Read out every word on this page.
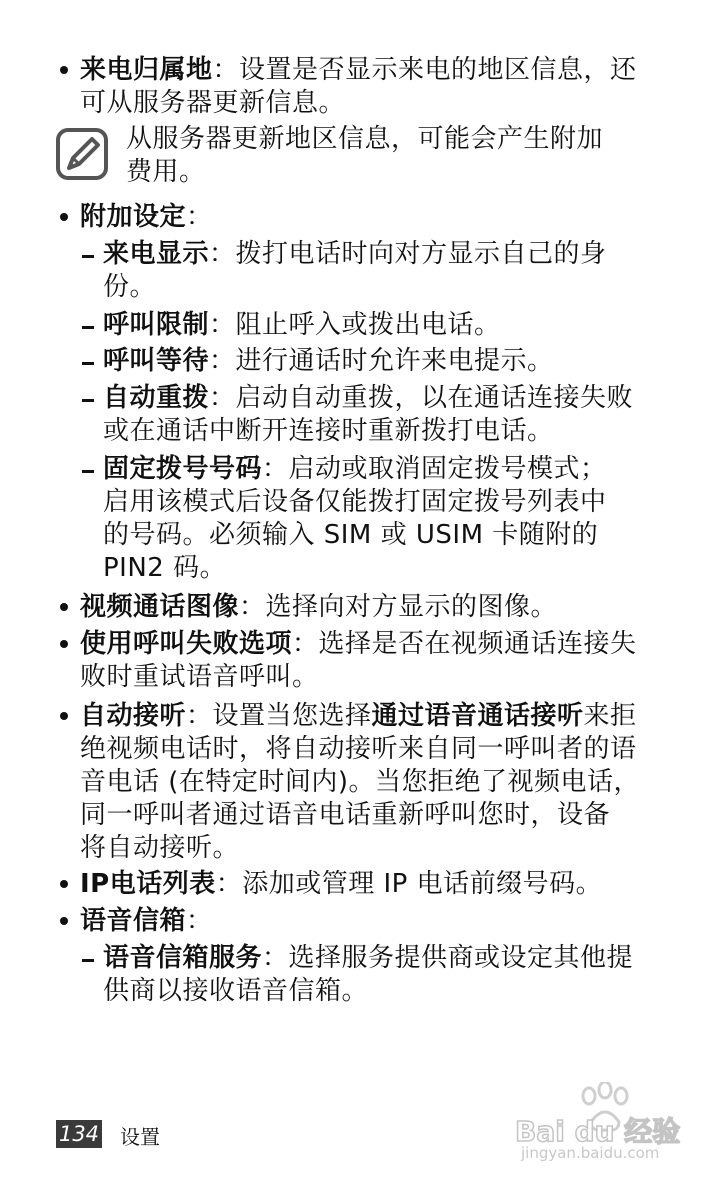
来电归属地：设置是否显示来电的地区信息，还
可从服务器更新信息。
从服务器更新地区信息，可能会产生附加
费用。
附加设定：
来电显示：拨打电话时向对方显示自己的身
份。
呼叫限制：阻止呼入或拨出电话。
呼叫等待：进行通话时允许来电提示。
自动重拨：启动自动重拨，以在通话连接失败
或在通话中断开连接时重新拨打电话。
固定拨号号码：启动或取消固定拨号模式；
启用该模式后设备仅能拨打固定拨号列表中
的号码。必须输入 SIM 或 USIM 卡随附的
PIN2 码。
视频通话图像：选择向对方显示的图像。
使用呼叫失败选项：选择是否在视频通话连接失
败时重试语音呼叫。
自动接听：设置当您选择通过语音通话接听来拒
绝视频电话时，将自动接听来自同一呼叫者的语
音电话 (在特定时间内)。当您拒绝了视频电话，
同一呼叫者通过语音电话重新呼叫您时，设备
将自动接听。
IP电话列表：添加或管理 IP 电话前缀号码。
语音信箱：
语音信箱服务：选择服务提供商或设定其他提
供商以接收语音信箱。
134 设置	Bai du 经验
jingyan.baidu.com
